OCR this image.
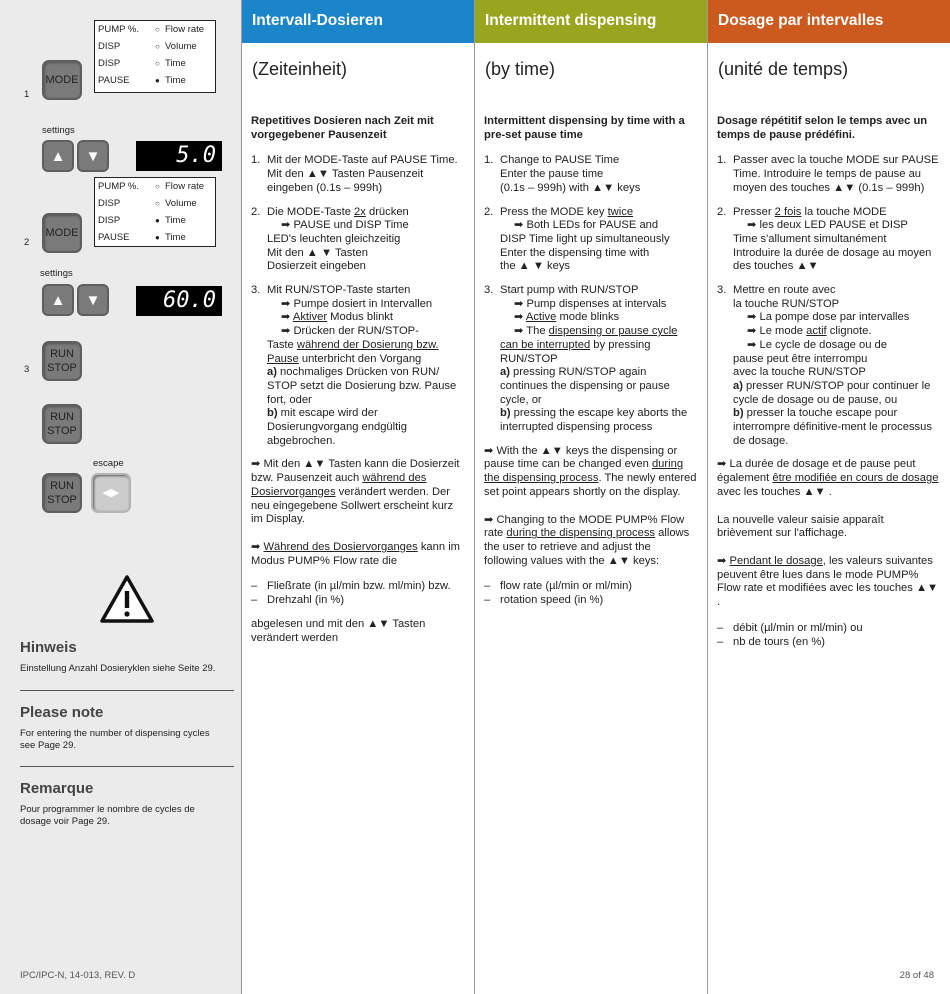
PUMP %.	○ Flow rate
DISP	○ Volume
DISP	○ Time
PAUSE	● Time
MODE
1
settings
▲ ▼	5.0
PUMP %.	○ Flow rate
DISP	○ Volume
DISP	● Time
PAUSE	● Time
MODE
2
settings
▲ ▼	60.0
RUN
STOP
3
RUN
STOP
escape
RUN
STOP
◀▶
Hinweis
Einstellung Anzahl Dosieryklen siehe Seite 29.
Please note
For entering the number of dispensing cycles see Page 29.
Remarque
Pour programmer le nombre de cycles de dosage voir Page 29.
IPC/IPC-N, 14-013, REV. D
Intervall-Dosieren
(Zeiteinheit)
Repetitives Dosieren nach Zeit mit vorgegebener Pausenzeit
1. Mit der MODE-Taste auf PAUSE Time. Mit den ▲▼ Tasten Pausenzeit eingeben (0.1s – 999h)
2. Die MODE-Taste 2x drücken
➡ PAUSE und DISP Time
LED's leuchten gleichzeitig
Mit den ▲ ▼ Tasten
Dosierzeit eingeben
3. Mit RUN/STOP-Taste starten
➡ Pumpe dosiert in Intervallen
➡ Aktiver Modus blinkt
➡ Drücken der RUN/STOP-
Taste während der Dosierung bzw. Pause unterbricht den Vorgang
a) nochmaliges Drücken von RUN/ STOP setzt die Dosierung bzw. Pause fort, oder
b) mit escape wird der Dosierungvorgang endgültig abgebrochen.

➡ Mit den ▲▼ Tasten kann die Dosierzeit bzw. Pausenzeit auch während des Dosiervorganges verändert werden. Der neu eingegebene Sollwert erscheint kurz im Display.

➡ Während des Dosiervorganges kann im Modus PUMP% Flow rate die

– Fließrate (in µl/min bzw. ml/min) bzw.
– Drehzahl (in %)

abgelesen und mit den ▲▼ Tasten verändert werden

Intermittent dispensing
(by time)
Intermittent dispensing by time with a pre-set pause time
1. Change to PAUSE Time
Enter the pause time
(0.1s – 999h) with ▲▼ keys
2. Press the MODE key twice
➡ Both LEDs for PAUSE and
DISP Time light up simultaneously
Enter the dispensing time with
the ▲ ▼ keys
3. Start pump with RUN/STOP
➡ Pump dispenses at intervals
➡ Active mode blinks
➡ The dispensing or pause cycle can be interrupted by pressing RUN/STOP
a) pressing RUN/STOP again continues the dispensing or pause cycle, or
b) pressing the escape key aborts the interrupted dispensing process

➡ With the ▲▼ keys the dispensing or pause time can be changed even during the dispensing process. The newly entered set point appears shortly on the display.

➡ Changing to the MODE PUMP% Flow rate during the dispensing process allows the user to retrieve and adjust the following values with the ▲▼ keys:

– flow rate (µl/min or ml/min)
– rotation speed (in %)
Dosage par intervalles
(unité de temps)
Dosage répétitif selon le temps avec un temps de pause prédéfini.
1. Passer avec la touche MODE sur PAUSE Time. Introduire le temps de pause au moyen des touches ▲▼ (0.1s – 999h)
2. Presser 2 fois la touche MODE
➡ les deux LED PAUSE et DISP
Time s'allument simultanément
Introduire la durée de dosage au moyen des touches ▲▼
3. Mettre en route avec
la touche RUN/STOP
➡ La pompe dose par intervalles
➡ Le mode actif clignote.
➡ Le cycle de dosage ou de
pause peut être interrompu
avec la touche RUN/STOP
a) presser RUN/STOP pour continuer le cycle de dosage ou de pause, ou
b) presser la touche escape pour interrompre définitive-ment le processus de dosage.

➡ La durée de dosage et de pause peut également être modifiée en cours de dosage avec les touches ▲▼ .

La nouvelle valeur saisie apparaît brièvement sur l'affichage.

➡ Pendant le dosage, les valeurs suivantes peuvent être lues dans le mode PUMP% Flow rate et modifiées avec les touches ▲▼ .

– débit (µl/min or ml/min) ou
– nb de tours (en %)
28 of 48
